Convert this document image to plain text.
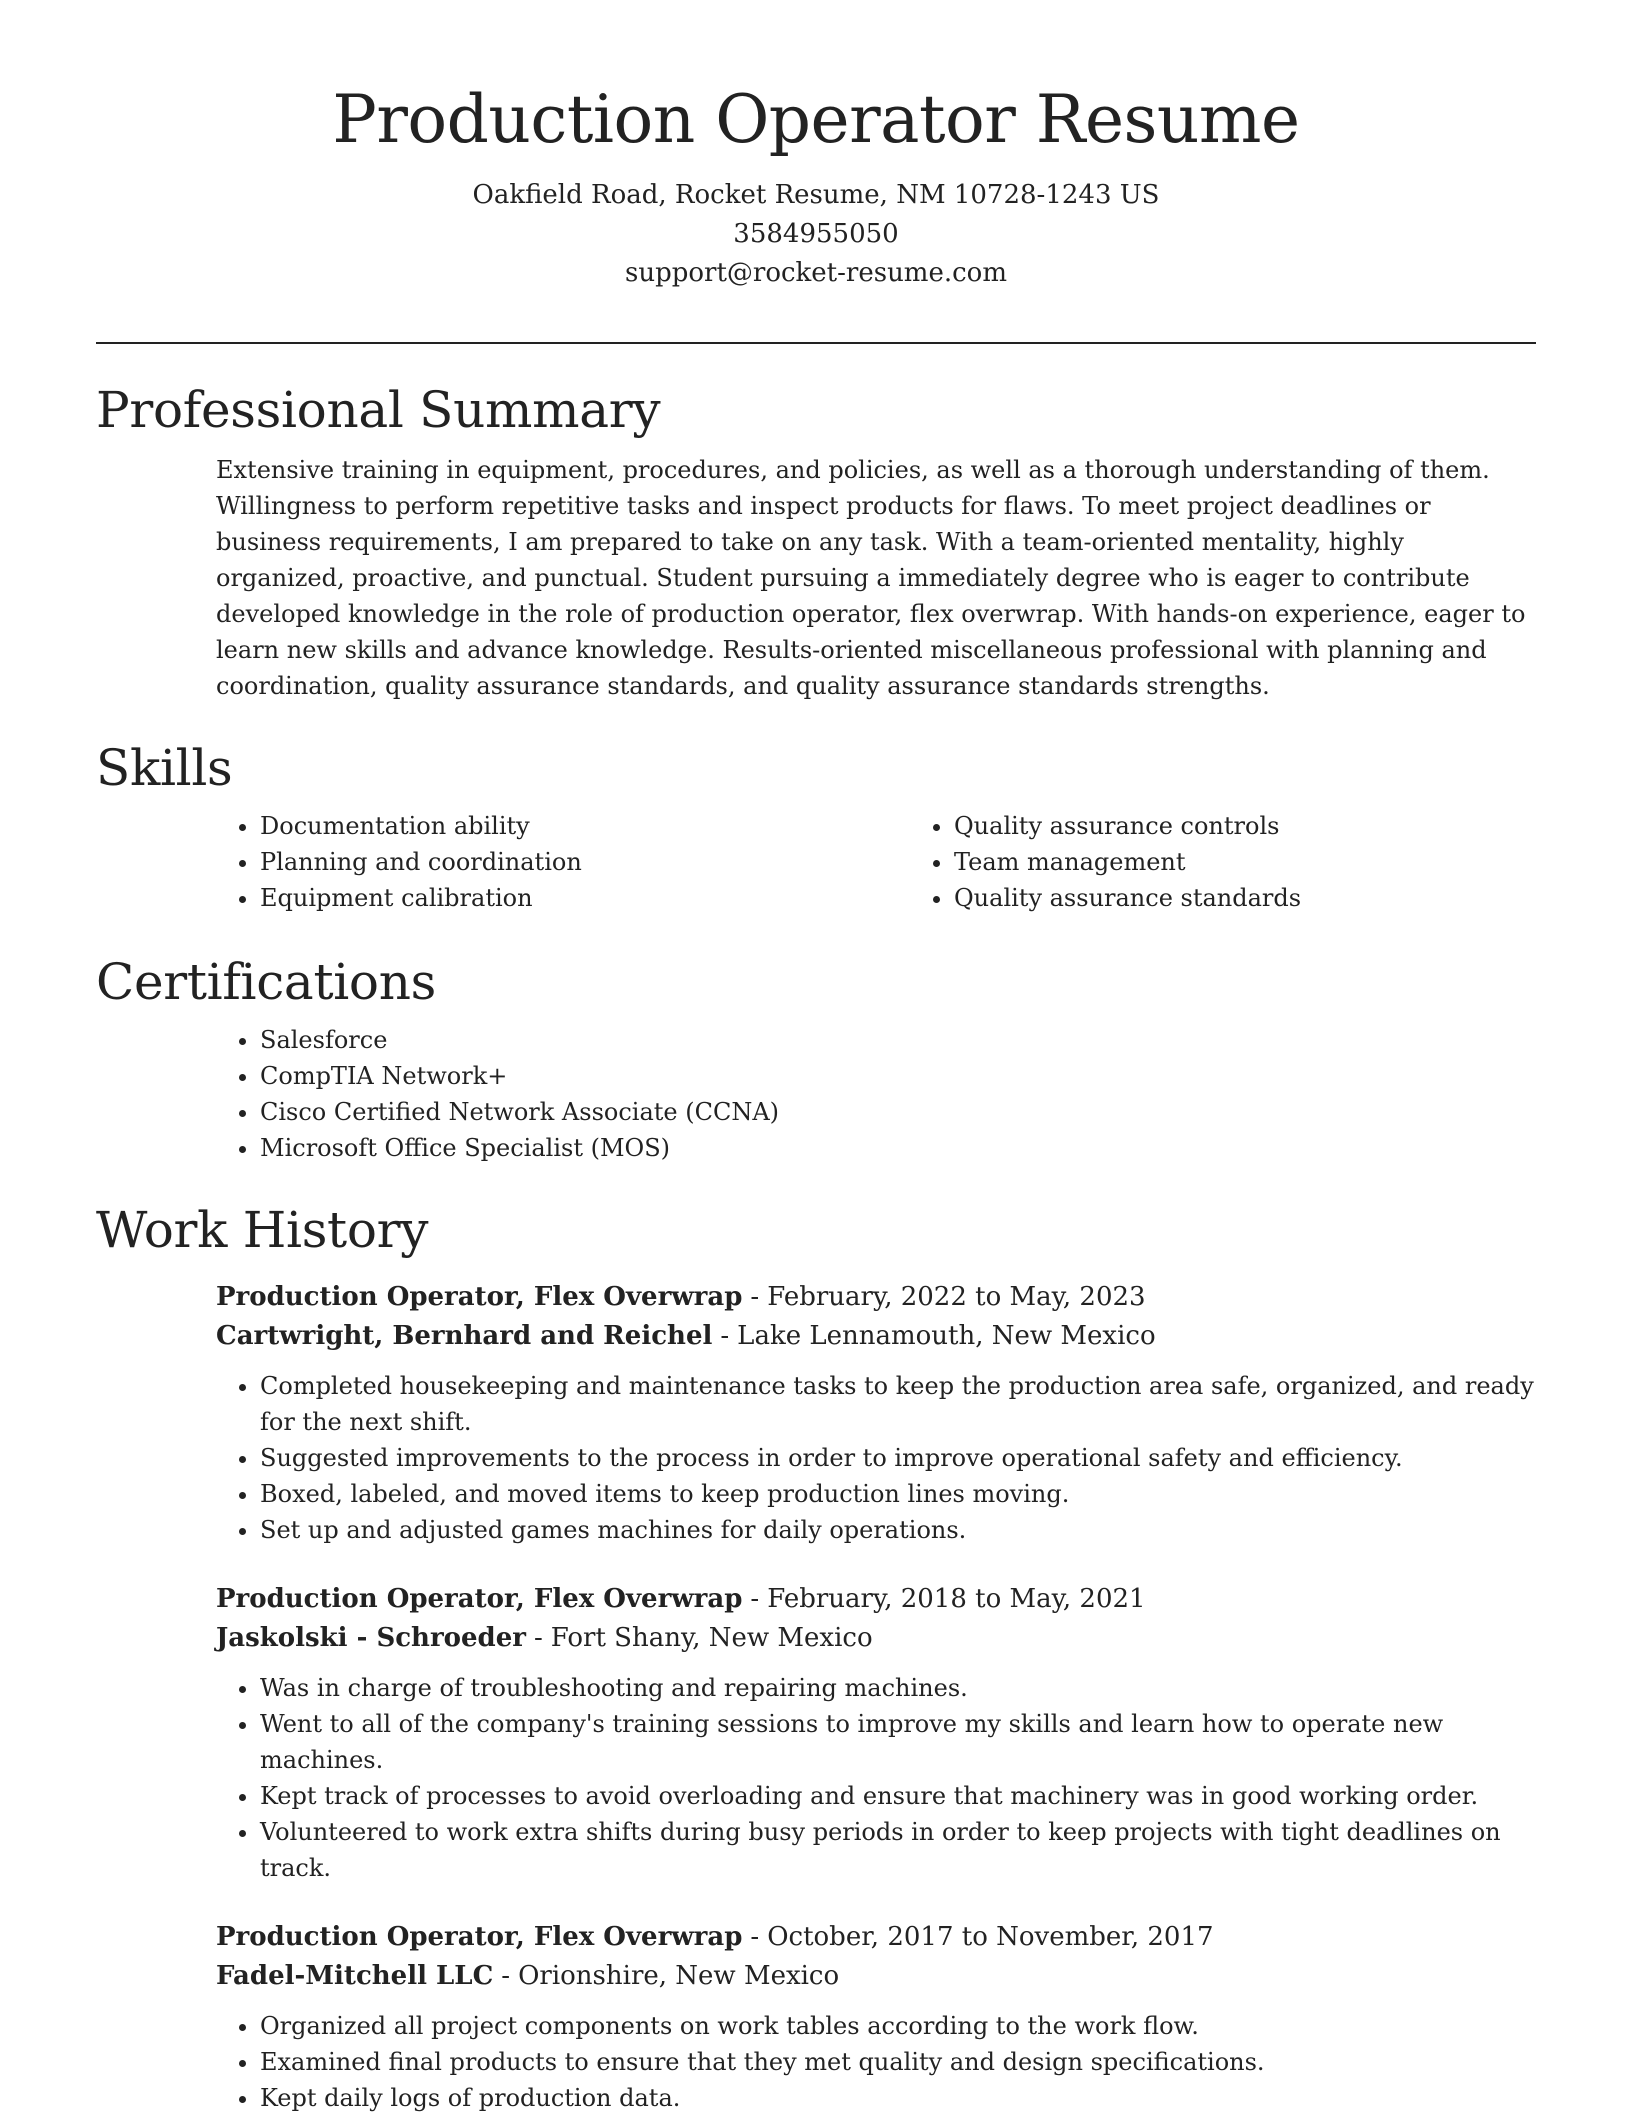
Production Operator Resume
Oakfield Road, Rocket Resume, NM 10728-1243 US
3584955050
support@rocket-resume.com
Professional Summary

Extensive training in equipment, procedures, and policies, as well as a thorough understanding of them. Willingness to perform repetitive tasks and inspect products for flaws. To meet project deadlines or business requirements, I am prepared to take on any task. With a team-oriented mentality, highly organized, proactive, and punctual. Student pursuing a immediately degree who is eager to contribute developed knowledge in the role of production operator, flex overwrap. With hands-on experience, eager to learn new skills and advance knowledge. Results-oriented miscellaneous professional with planning and coordination, quality assurance standards, and quality assurance standards strengths.

Skills
• Documentation ability
• Planning and coordination
• Equipment calibration
• Quality assurance controls
• Team management
• Quality assurance standards
Certifications
• Salesforce
• CompTIA Network+
• Cisco Certified Network Associate (CCNA)
• Microsoft Office Specialist (MOS)
Work History
Production Operator, Flex Overwrap - February, 2022 to May, 2023
Cartwright, Bernhard and Reichel - Lake Lennamouth, New Mexico
• Completed housekeeping and maintenance tasks to keep the production area safe, organized, and ready for the next shift.
• Suggested improvements to the process in order to improve operational safety and efficiency.
• Boxed, labeled, and moved items to keep production lines moving.
• Set up and adjusted games machines for daily operations.
Production Operator, Flex Overwrap - February, 2018 to May, 2021
Jaskolski - Schroeder - Fort Shany, New Mexico
• Was in charge of troubleshooting and repairing machines.
• Went to all of the company's training sessions to improve my skills and learn how to operate new machines.
• Kept track of processes to avoid overloading and ensure that machinery was in good working order.
• Volunteered to work extra shifts during busy periods in order to keep projects with tight deadlines on track.
Production Operator, Flex Overwrap - October, 2017 to November, 2017
Fadel-Mitchell LLC - Orionshire, New Mexico
• Organized all project components on work tables according to the work flow.
• Examined final products to ensure that they met quality and design specifications.
• Kept daily logs of production data.
